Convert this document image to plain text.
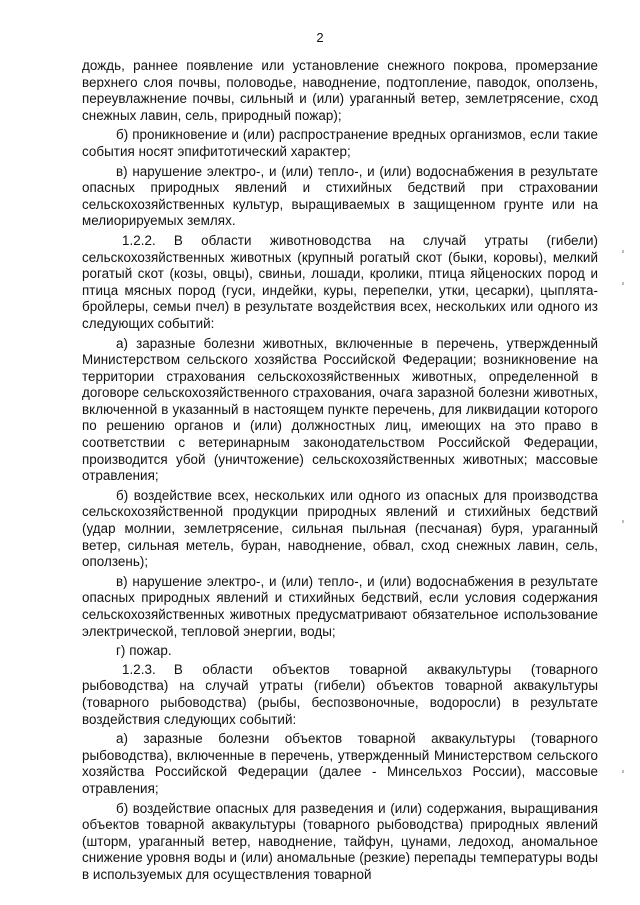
2

дождь, раннее появление или установление снежного покрова, промерзание верхнего слоя почвы, половодье, наводнение, подтопление, паводок, оползень, переувлажнение почвы, сильный и (или) ураганный ветер, землетрясение, сход снежных лавин, сель, природный пожар);

б) проникновение и (или) распространение вредных организмов, если такие события носят эпифитотический характер;

в) нарушение электро-, и (или) тепло-, и (или) водоснабжения в результате опасных природных явлений и стихийных бедствий при страховании сельскохозяйственных культур, выращиваемых в защищенном грунте или на мелиорируемых землях.

1.2.2. В области животноводства на случай утраты (гибели) сельскохозяйственных животных (крупный рогатый скот (быки, коровы), мелкий рогатый скот (козы, овцы), свиньи, лошади, кролики, птица яйценоских пород и птица мясных пород (гуси, индейки, куры, перепелки, утки, цесарки), цыплята-бройлеры, семьи пчел) в результате воздействия всех, нескольких или одного из следующих событий:

а) заразные болезни животных, включенные в перечень, утвержденный Министерством сельского хозяйства Российской Федерации; возникновение на территории страхования сельскохозяйственных животных, определенной в договоре сельскохозяйственного страхования, очага заразной болезни животных, включенной в указанный в настоящем пункте перечень, для ликвидации которого по решению органов и (или) должностных лиц, имеющих на это право в соответствии с ветеринарным законодательством Российской Федерации, производится убой (уничтожение) сельскохозяйственных животных; массовые отравления;

б) воздействие всех, нескольких или одного из опасных для производства сельскохозяйственной продукции природных явлений и стихийных бедствий (удар молнии, землетрясение, сильная пыльная (песчаная) буря, ураганный ветер, сильная метель, буран, наводнение, обвал, сход снежных лавин, сель, оползень);

в) нарушение электро-, и (или) тепло-, и (или) водоснабжения в результате опасных природных явлений и стихийных бедствий, если условия содержания сельскохозяйственных животных предусматривают обязательное использование электрической, тепловой энергии, воды;

г) пожар.

1.2.3. В области объектов товарной аквакультуры (товарного рыбоводства) на случай утраты (гибели) объектов товарной аквакультуры (товарного рыбоводства) (рыбы, беспозвоночные, водоросли) в результате воздействия следующих событий:

а) заразные болезни объектов товарной аквакультуры (товарного рыбоводства), включенные в перечень, утвержденный Министерством сельского хозяйства Российской Федерации (далее - Минсельхоз России), массовые отравления;

б) воздействие опасных для разведения и (или) содержания, выращивания объектов товарной аквакультуры (товарного рыбоводства) природных явлений (шторм, ураганный ветер, наводнение, тайфун, цунами, ледоход, аномальное снижение уровня воды и (или) аномальные (резкие) перепады температуры воды в используемых для осуществления товарной
